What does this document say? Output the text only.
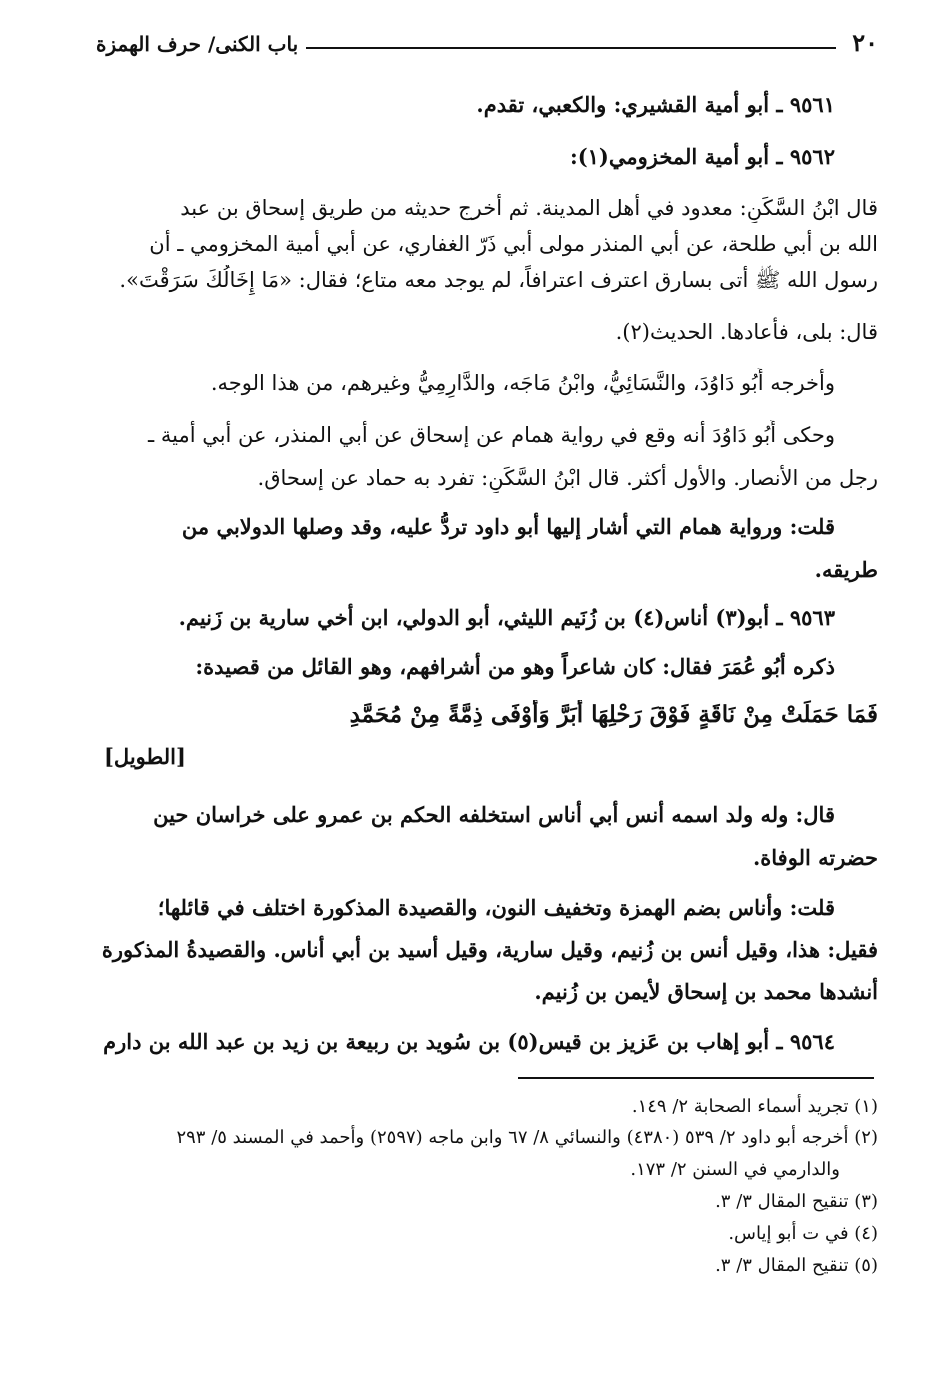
٢٠
باب الكنى/ حرف الهمزة
٩٥٦١ ـ أبو أمية القشيري: والكعبي، تقدم.
٩٥٦٢ ـ أبو أمية المخزومي(١):
قال ابْنُ السَّكَنِ: معدود في أهل المدينة. ثم أخرج حديثه من طريق إسحاق بن عبد
الله بن أبي طلحة، عن أبي المنذر مولى أبي ذَرّ الغفاري، عن أبي أمية المخزومي ـ أن
رسول الله ﷺ أتى بسارق اعترف اعترافاً، لم يوجد معه متاع؛ فقال: «مَا إِخَالُكَ سَرَقْتَ».
قال: بلى، فأعادها. الحديث(٢).
وأخرجه أَبُو دَاوُدَ، والنَّسَائِيُّ، وابْنُ مَاجَه، والدَّارِمِيُّ وغيرهم، من هذا الوجه.
وحكى أَبُو دَاوُدَ أنه وقع في رواية همام عن إسحاق عن أبي المنذر، عن أبي أمية ـ
رجل من الأنصار. والأول أكثر. قال ابْنُ السَّكَنِ: تفرد به حماد عن إسحاق.
قلت: ورواية همام التي أشار إليها أبو داود تردُّ عليه، وقد وصلها الدولابي من
طريقه.
٩٥٦٣ ـ أبو(٣) أناس(٤) بن زُنَيم الليثي، أبو الدولي، ابن أخي سارية بن زَنيم.
ذكره أبُو عُمَرَ فقال: كان شاعراً وهو من أشرافهم، وهو القائل من قصيدة:
فَمَا حَمَلَتْ مِنْ نَاقَةٍ فَوْقَ رَحْلِهَا أبَرَّ وَأَوْفَى ذِمَّةً مِنْ مُحَمَّدِ
[الطويل]
قال: وله ولد اسمه أنس أبي أناس استخلفه الحكم بن عمرو على خراسان حين
حضرته الوفاة.
قلت: وأناس بضم الهمزة وتخفيف النون، والقصيدة المذكورة اختلف في قائلها؛
فقيل: هذا، وقيل أنس بن زُنيم، وقيل سارية، وقيل أسيد بن أبي أناس. والقصيدةُ المذكورة
أنشدها محمد بن إسحاق لأيمن بن زُنيم.
٩٥٦٤ ـ أبو إهاب بن عَزيز بن قيس(٥) بن سُويد بن ربيعة بن زيد بن عبد الله بن دارم
(١) تجريد أسماء الصحابة ٢/ ١٤٩.
(٢) أخرجه أبو داود ٢/ ٥٣٩ (٤٣٨٠) والنسائي ٨/ ٦٧ وابن ماجه (٢٥٩٧) وأحمد في المسند ٥/ ٢٩٣
والدارمي في السنن ٢/ ١٧٣.
(٣) تنقيح المقال ٣/ ٣.
(٤) في ت أبو إياس.
(٥) تنقيح المقال ٣/ ٣.
